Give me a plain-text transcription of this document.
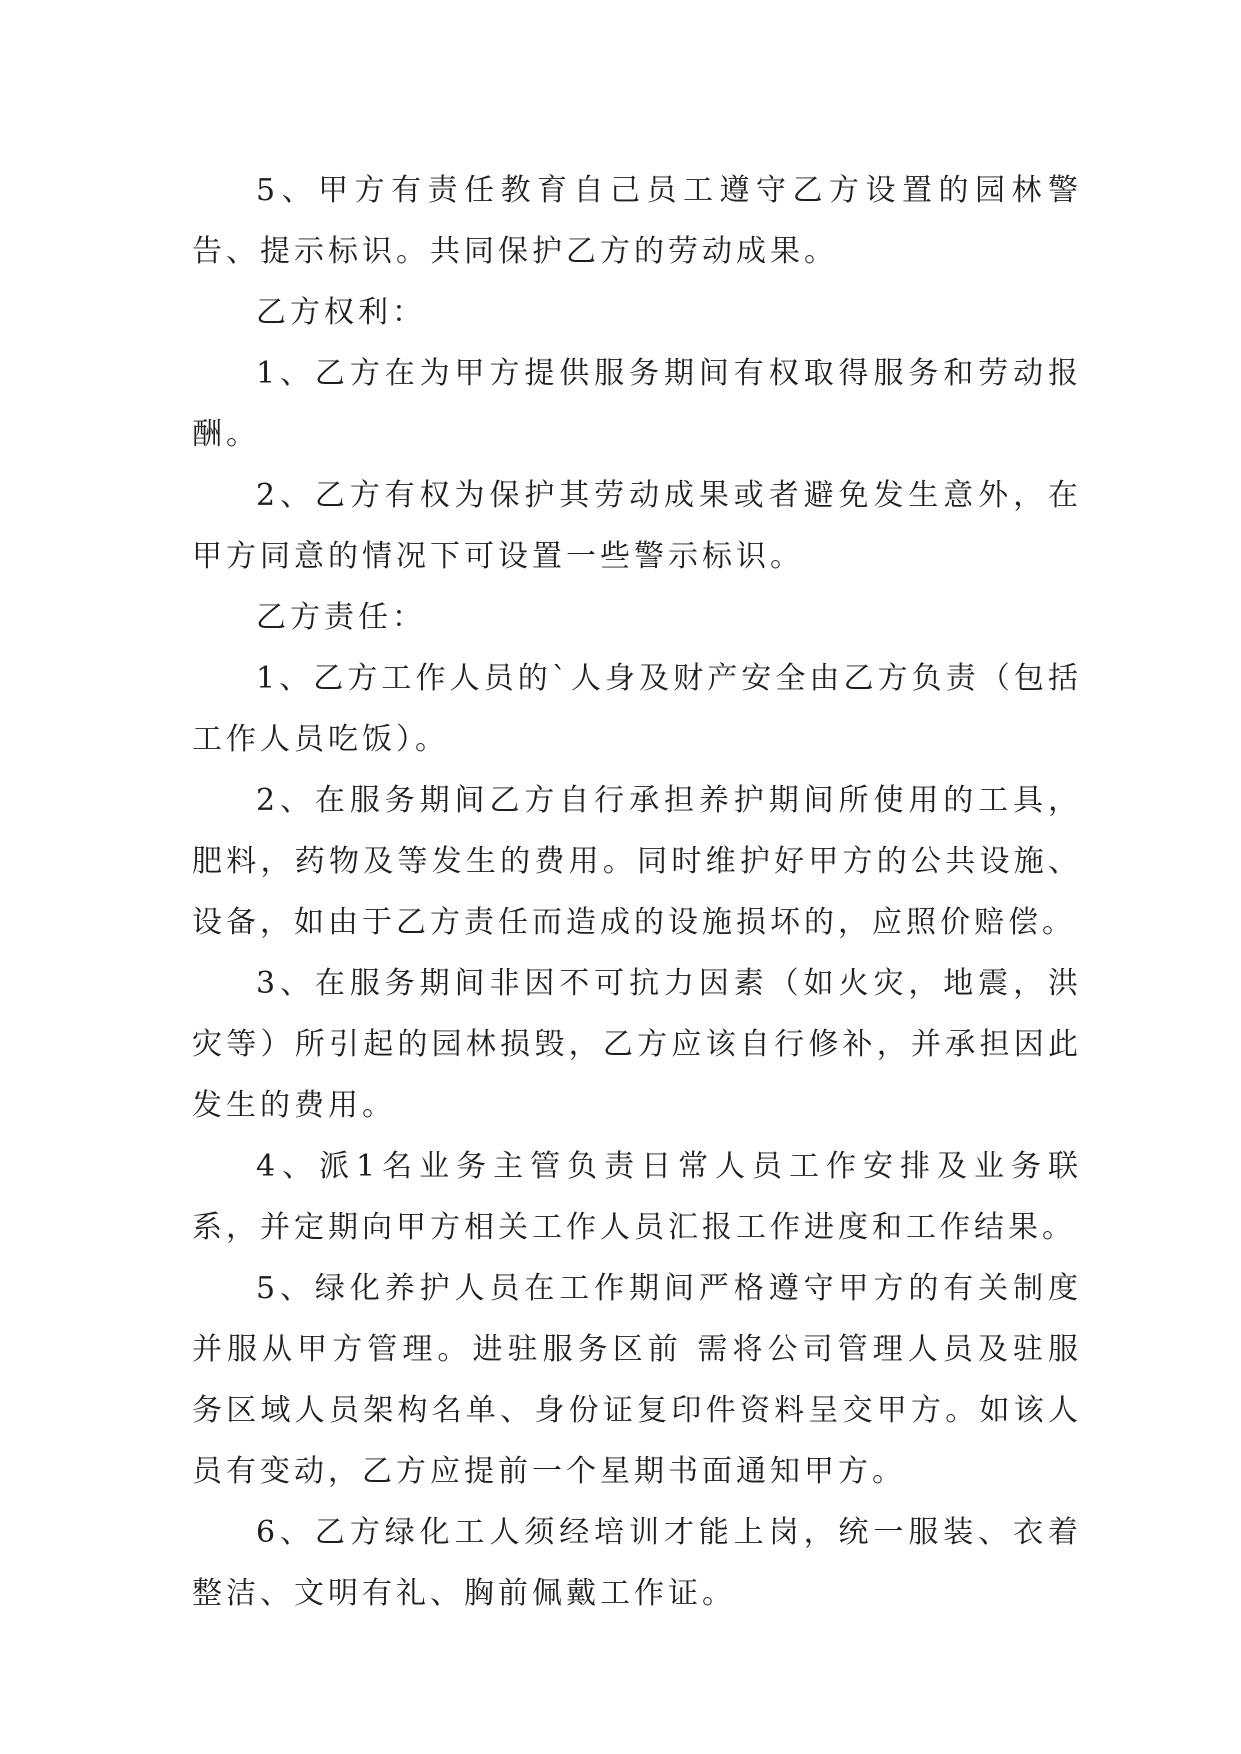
5、甲方有责任教育自己员工遵守乙方设置的园林警告、提示标识。共同保护乙方的劳动成果。

乙方权利：

1、乙方在为甲方提供服务期间有权取得服务和劳动报酬。

2、乙方有权为保护其劳动成果或者避免发生意外，在甲方同意的情况下可设置一些警示标识。

乙方责任：

1、乙方工作人员的`人身及财产安全由乙方负责（包括工作人员吃饭）。

2、在服务期间乙方自行承担养护期间所使用的工具，肥料，药物及等发生的费用。同时维护好甲方的公共设施、设备，如由于乙方责任而造成的设施损坏的，应照价赔偿。

3、在服务期间非因不可抗力因素（如火灾，地震，洪灾等）所引起的园林损毁，乙方应该自行修补，并承担因此发生的费用。

4、派1名业务主管负责日常人员工作安排及业务联系，并定期向甲方相关工作人员汇报工作进度和工作结果。

5、绿化养护人员在工作期间严格遵守甲方的有关制度并服从甲方管理。进驻服务区前 需将公司管理人员及驻服务区域人员架构名单、身份证复印件资料呈交甲方。如该人员有变动，乙方应提前一个星期书面通知甲方。

6、乙方绿化工人须经培训才能上岗，统一服装、衣着整洁、文明有礼、胸前佩戴工作证。
